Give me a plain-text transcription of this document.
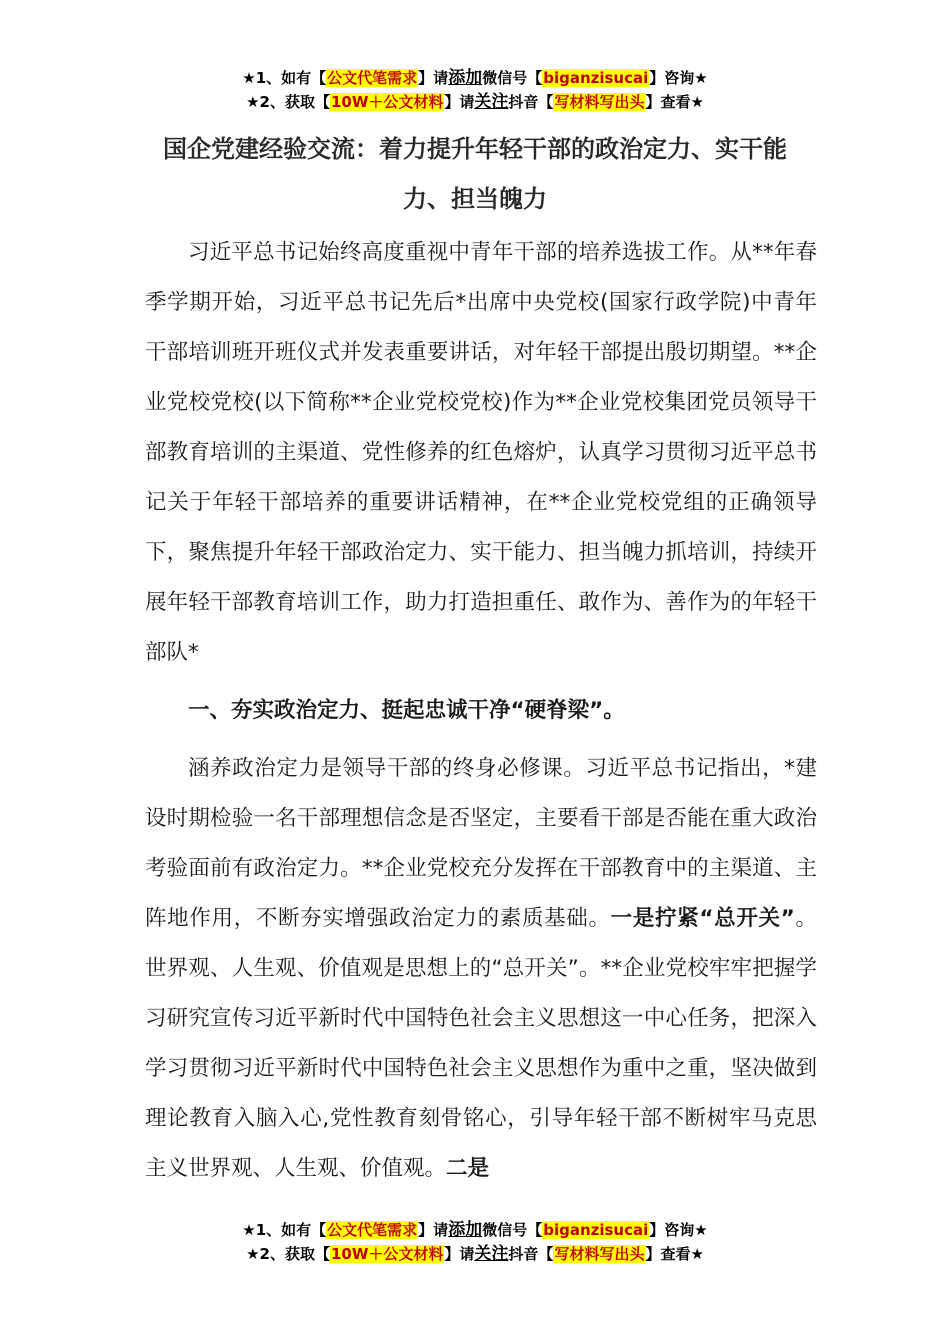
★1、如有【公文代笔需求】请添加微信号【biganzisucai】咨询★
★2、获取【10W＋公文材料】请关注抖音【写材料写出头】查看★
国企党建经验交流：着力提升年轻干部的政治定力、实干能力、担当魄力

习近平总书记始终高度重视中青年干部的培养选拔工作。从**年春季学期开始，习近平总书记先后*出席中央党校(国家行政学院)中青年干部培训班开班仪式并发表重要讲话，对年轻干部提出殷切期望。**企业党校党校(以下简称**企业党校党校)作为**企业党校集团党员领导干部教育培训的主渠道、党性修养的红色熔炉，认真学习贯彻习近平总书记关于年轻干部培养的重要讲话精神，在**企业党校党组的正确领导下，聚焦提升年轻干部政治定力、实干能力、担当魄力抓培训，持续开展年轻干部教育培训工作，助力打造担重任、敢作为、善作为的年轻干部队*

一、夯实政治定力、挺起忠诚干净“硬脊梁”。

涵养政治定力是领导干部的终身必修课。习近平总书记指出，*建设时期检验一名干部理想信念是否坚定，主要看干部是否能在重大政治考验面前有政治定力。**企业党校充分发挥在干部教育中的主渠道、主阵地作用，不断夯实增强政治定力的素质基础。一是拧紧“总开关”。世界观、人生观、价值观是思想上的“总开关”。**企业党校牢牢把握学习研究宣传习近平新时代中国特色社会主义思想这一中心任务，把深入学习贯彻习近平新时代中国特色社会主义思想作为重中之重，坚决做到理论教育入脑入心,党性教育刻骨铭心，引导年轻干部不断树牢马克思主义世界观、人生观、价值观。二是

★1、如有【公文代笔需求】请添加微信号【biganzisucai】咨询★
★2、获取【10W＋公文材料】请关注抖音【写材料写出头】查看★
